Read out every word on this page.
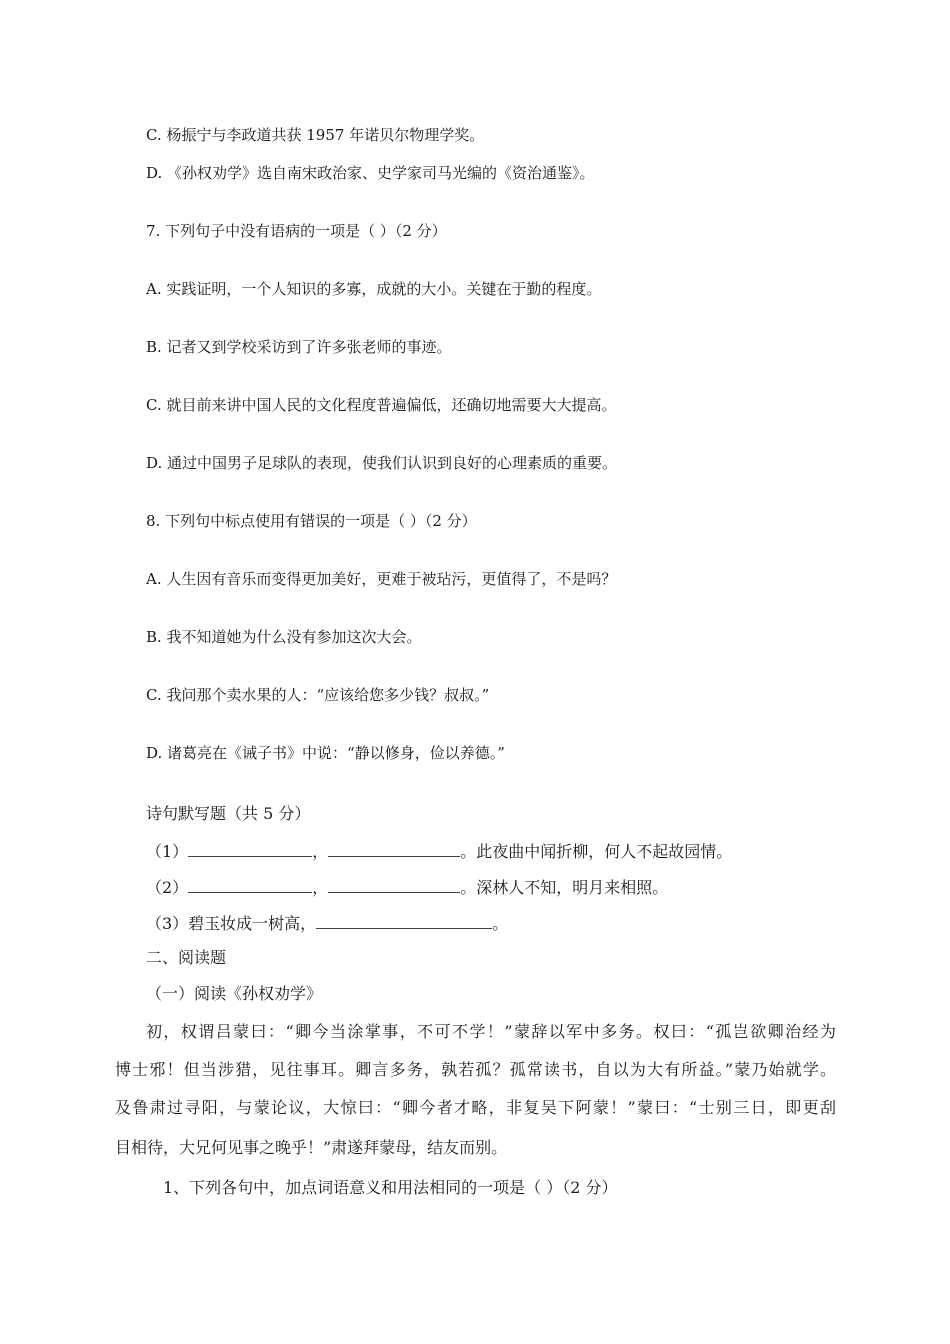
C. 杨振宁与李政道共获 1957 年诺贝尔物理学奖。
D. 《孙权劝学》选自南宋政治家、史学家司马光编的《资治通鉴》。
7. 下列句子中没有语病的一项是（ ）（2 分）
A. 实践证明，一个人知识的多寡，成就的大小。关键在于勤的程度。
B. 记者又到学校采访到了许多张老师的事迹。
C. 就目前来讲中国人民的文化程度普遍偏低，还确切地需要大大提高。
D. 通过中国男子足球队的表现，使我们认识到良好的心理素质的重要。
8. 下列句中标点使用有错误的一项是（ ）（2 分）
A. 人生因有音乐而变得更加美好，更难于被玷污，更值得了，不是吗？
B. 我不知道她为什么没有参加这次大会。
C. 我问那个卖水果的人：“应该给您多少钱？叔叔。”
D. 诸葛亮在《诫子书》中说：“静以修身，俭以养德。”
诗句默写题（共 5 分）
（1）	，	。此夜曲中闻折柳，何人不起故园情。
（2）	，	。深林人不知，明月来相照。
（3）碧玉妆成一树高，	。
二、阅读题
（一）阅读《孙权劝学》
初，权谓吕蒙曰：“卿今当涂掌事，不可不学！”蒙辞以军中多务。权曰：“孤岂欲卿治经为
博士邪！但当涉猎，见往事耳。卿言多务，孰若孤？孤常读书，自以为大有所益。”蒙乃始就学。
及鲁肃过寻阳，与蒙论议，大惊曰：“卿今者才略，非复吴下阿蒙！”蒙曰：“士别三日，即更刮
目相待，大兄何见事之晚乎！”肃遂拜蒙母，结友而别。
1、下列各句中，加点词语意义和用法相同的一项是（ ）（2 分）
